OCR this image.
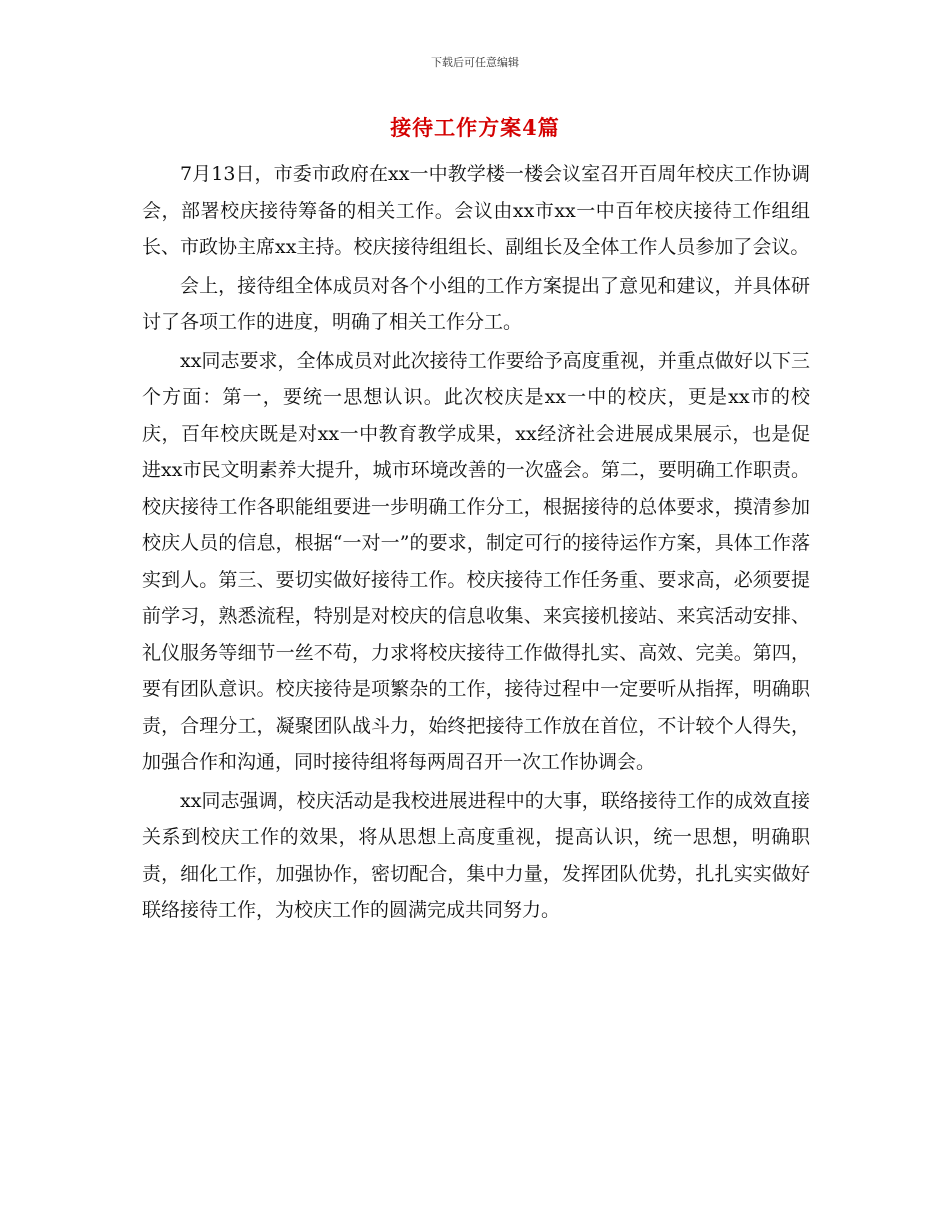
下载后可任意编辑
接待工作方案4篇

7月13日，市委市政府在xx一中教学楼一楼会议室召开百周年校庆工作协调会，部署校庆接待筹备的相关工作。会议由xx市xx一中百年校庆接待工作组组长、市政协主席xx主持。校庆接待组组长、副组长及全体工作人员参加了会议。

会上，接待组全体成员对各个小组的工作方案提出了意见和建议，并具体研讨了各项工作的进度，明确了相关工作分工。

xx同志要求，全体成员对此次接待工作要给予高度重视，并重点做好以下三个方面：第一，要统一思想认识。此次校庆是xx一中的校庆，更是xx市的校庆，百年校庆既是对xx一中教育教学成果，xx经济社会进展成果展示，也是促进xx市民文明素养大提升，城市环境改善的一次盛会。第二，要明确工作职责。校庆接待工作各职能组要进一步明确工作分工，根据接待的总体要求，摸清参加校庆人员的信息，根据“一对一”的要求，制定可行的接待运作方案，具体工作落实到人。第三、要切实做好接待工作。校庆接待工作任务重、要求高，必须要提前学习，熟悉流程，特别是对校庆的信息收集、来宾接机接站、来宾活动安排、礼仪服务等细节一丝不苟，力求将校庆接待工作做得扎实、高效、完美。第四，要有团队意识。校庆接待是项繁杂的工作，接待过程中一定要听从指挥，明确职责，合理分工，凝聚团队战斗力，始终把接待工作放在首位，不计较个人得失，加强合作和沟通，同时接待组将每两周召开一次工作协调会。

xx同志强调，校庆活动是我校进展进程中的大事，联络接待工作的成效直接关系到校庆工作的效果，将从思想上高度重视，提高认识，统一思想，明确职责，细化工作，加强协作，密切配合，集中力量，发挥团队优势，扎扎实实做好联络接待工作，为校庆工作的圆满完成共同努力。
